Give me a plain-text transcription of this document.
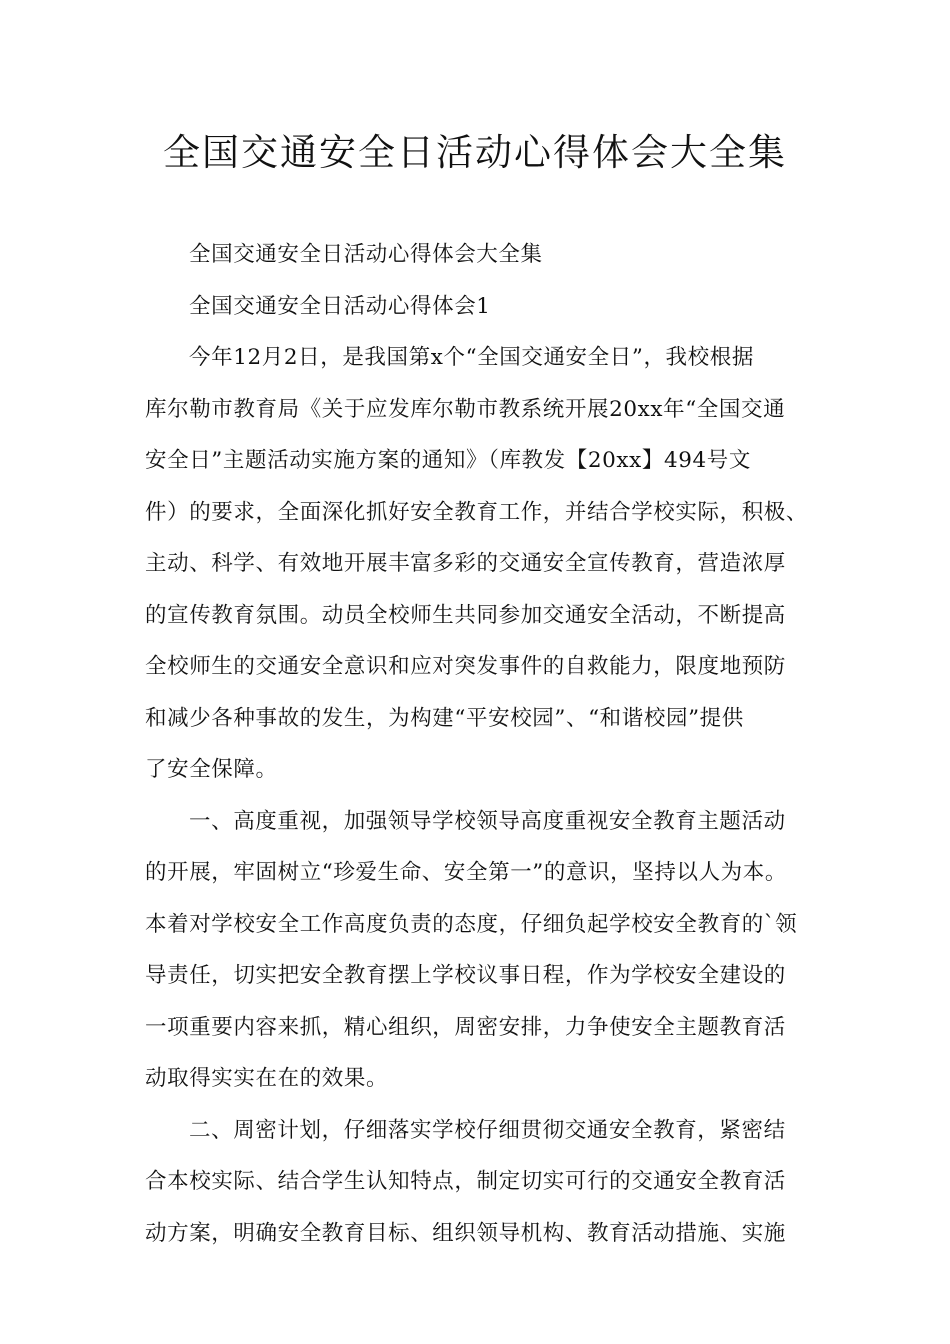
全国交通安全日活动心得体会大全集
全国交通安全日活动心得体会大全集
全国交通安全日活动心得体会1
今年12月2日，是我国第x个“全国交通安全日”，我校根据
库尔勒市教育局《关于应发库尔勒市教系统开展20xx年“全国交通
安全日”主题活动实施方案的通知》（库教发【20xx】494号文
件）的要求，全面深化抓好安全教育工作，并结合学校实际，积极、
主动、科学、有效地开展丰富多彩的交通安全宣传教育，营造浓厚
的宣传教育氛围。动员全校师生共同参加交通安全活动，不断提高
全校师生的交通安全意识和应对突发事件的自救能力，限度地预防
和减少各种事故的发生，为构建“平安校园”、“和谐校园”提供
了安全保障。
一、高度重视，加强领导学校领导高度重视安全教育主题活动
的开展，牢固树立“珍爱生命、安全第一”的意识，坚持以人为本。
本着对学校安全工作高度负责的态度，仔细负起学校安全教育的`领
导责任，切实把安全教育摆上学校议事日程，作为学校安全建设的
一项重要内容来抓，精心组织，周密安排，力争使安全主题教育活
动取得实实在在的效果。
二、周密计划，仔细落实学校仔细贯彻交通安全教育，紧密结
合本校实际、结合学生认知特点，制定切实可行的交通安全教育活
动方案，明确安全教育目标、组织领导机构、教育活动措施、实施
